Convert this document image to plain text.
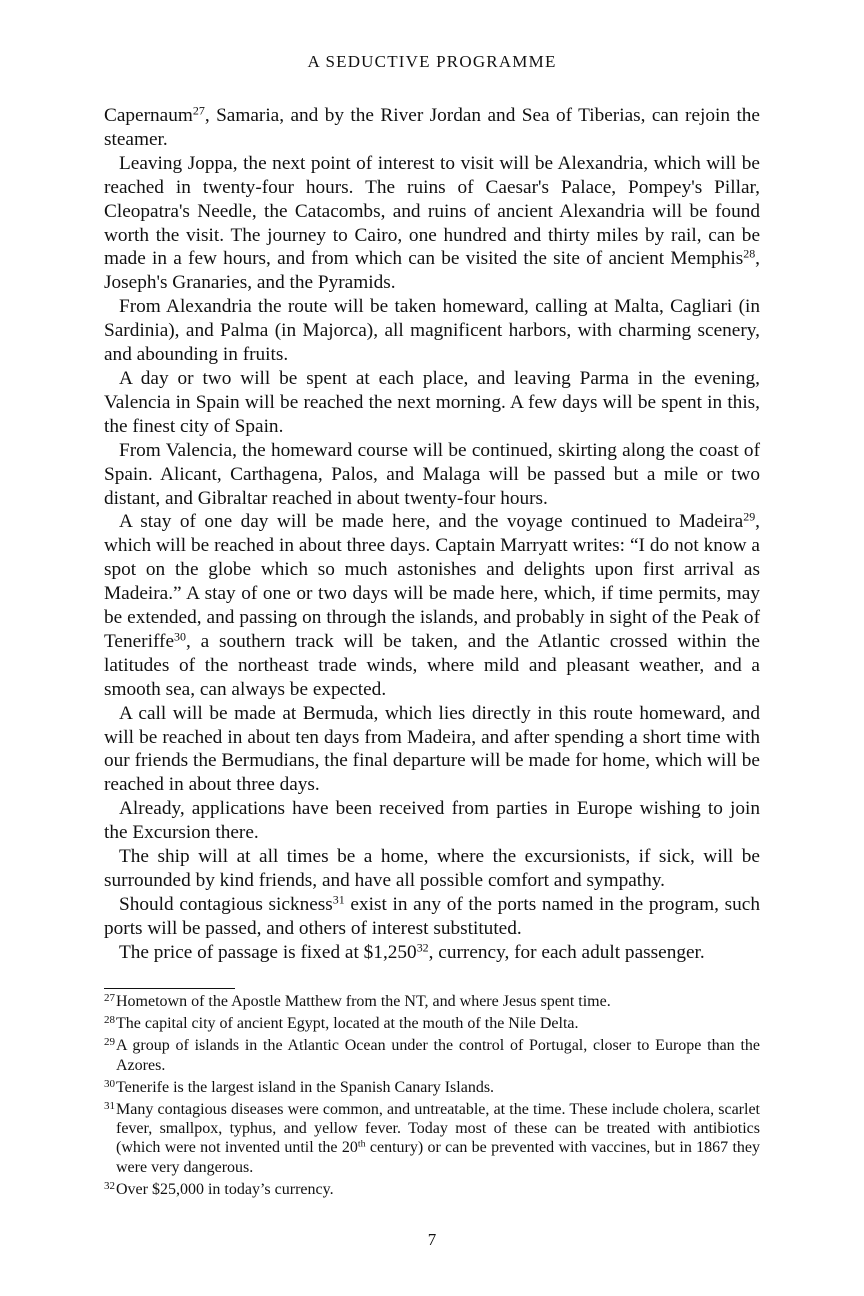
A SEDUCTIVE PROGRAMME

Capernaum$^{27}$, Samaria, and by the River Jordan and Sea of Tiberias, can rejoin the steamer.

Leaving Joppa, the next point of interest to visit will be Alexandria, which will be reached in twenty-four hours. The ruins of Caesar's Palace, Pompey's Pillar, Cleopatra's Needle, the Catacombs, and ruins of ancient Alexandria will be found worth the visit. The journey to Cairo, one hundred and thirty miles by rail, can be made in a few hours, and from which can be visited the site of ancient Memphis$^{28}$, Joseph's Granaries, and the Pyramids.

From Alexandria the route will be taken homeward, calling at Malta, Cagliari (in Sardinia), and Palma (in Majorca), all magnificent harbors, with charming scenery, and abounding in fruits.

A day or two will be spent at each place, and leaving Parma in the evening, Valencia in Spain will be reached the next morning. A few days will be spent in this, the finest city of Spain.

From Valencia, the homeward course will be continued, skirting along the coast of Spain. Alicant, Carthagena, Palos, and Malaga will be passed but a mile or two distant, and Gibraltar reached in about twenty-four hours.

A stay of one day will be made here, and the voyage continued to Madeira$^{29}$, which will be reached in about three days. Captain Marryatt writes: “I do not know a spot on the globe which so much astonishes and delights upon first arrival as Madeira.” A stay of one or two days will be made here, which, if time permits, may be extended, and passing on through the islands, and probably in sight of the Peak of Teneriffe$^{30}$, a southern track will be taken, and the Atlantic crossed within the latitudes of the northeast trade winds, where mild and pleasant weather, and a smooth sea, can always be expected.

A call will be made at Bermuda, which lies directly in this route homeward, and will be reached in about ten days from Madeira, and after spending a short time with our friends the Bermudians, the final departure will be made for home, which will be reached in about three days.

Already, applications have been received from parties in Europe wishing to join the Excursion there.

The ship will at all times be a home, where the excursionists, if sick, will be surrounded by kind friends, and have all possible comfort and sympathy.

Should contagious sickness$^{31}$ exist in any of the ports named in the program, such ports will be passed, and others of interest substituted.

The price of passage is fixed at $1,250$^{32}$, currency, for each adult passenger.

27 Hometown of the Apostle Matthew from the NT, and where Jesus spent time.
28 The capital city of ancient Egypt, located at the mouth of the Nile Delta.
29 A group of islands in the Atlantic Ocean under the control of Portugal, closer to Europe than the Azores.
30 Tenerife is the largest island in the Spanish Canary Islands.
31 Many contagious diseases were common, and untreatable, at the time. These include cholera, scarlet fever, smallpox, typhus, and yellow fever. Today most of these can be treated with antibiotics (which were not invented until the 20th century) or can be prevented with vaccines, but in 1867 they were very dangerous.
32 Over $25,000 in today’s currency.
7
